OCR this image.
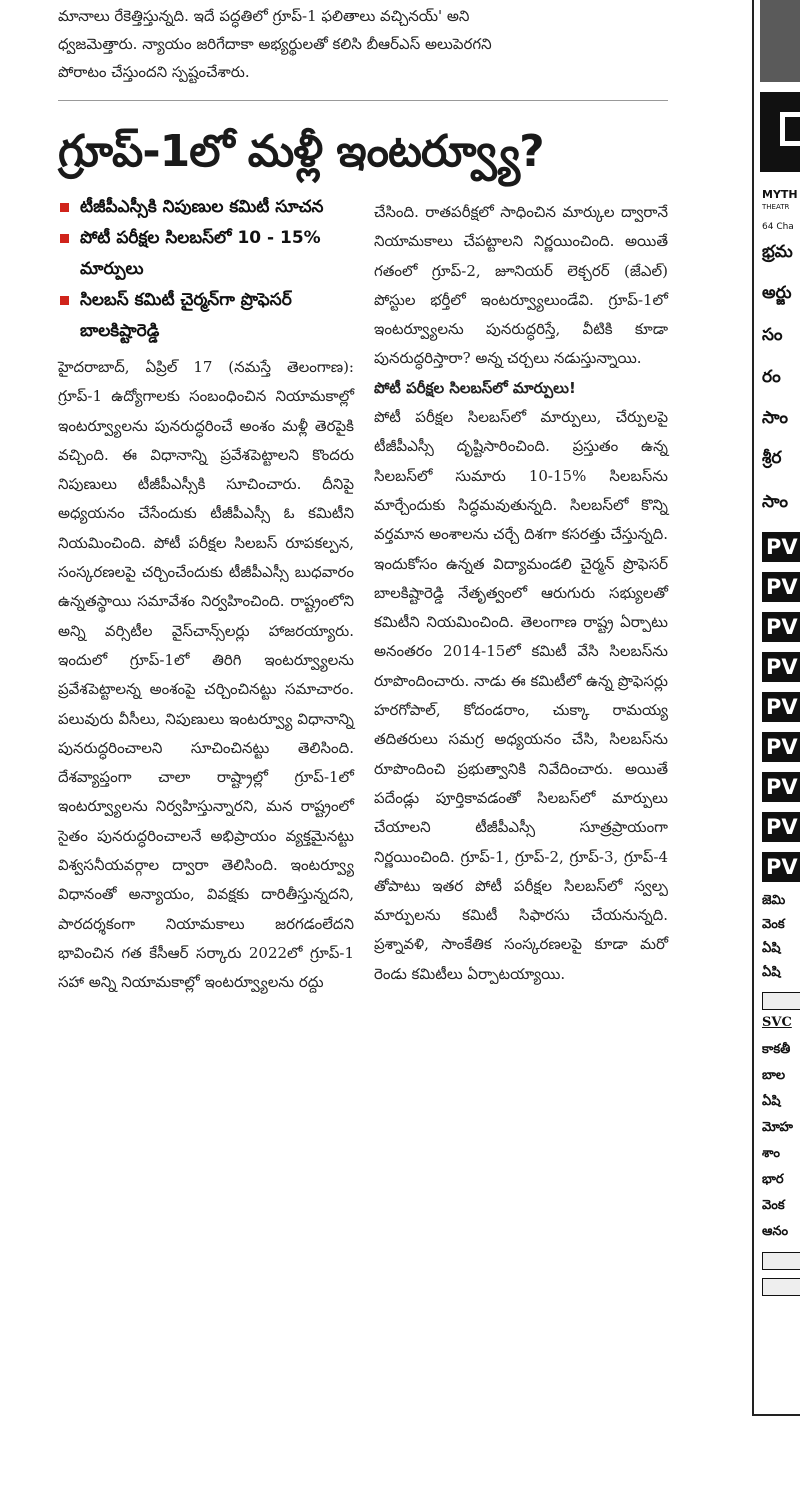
మానాలు రేకెత్తిస్తున్నది. ఇదే పద్ధతిలో గ్రూప్-1 ఫలితాలు వచ్చినయ్' అని
ధ్వజమెత్తారు. న్యాయం జరిగేదాకా అభ్యర్థులతో కలిసి బీఆర్ఎస్ అలుపెరగని
పోరాటం చేస్తుందని స్పష్టంచేశారు.

గ్రూప్-1లో మళ్లీ ఇంటర్వ్యూ?
టీజీపీఎస్సీకి నిపుణుల కమిటీ సూచన
పోటీ పరీక్షల సిలబస్‌లో 10 - 15% మార్పులు
సిలబస్ కమిటీ చైర్మన్‌గా ప్రొఫెసర్ బాలకిష్టారెడ్డి

హైదరాబాద్, ఏప్రిల్ 17 (నమస్తే తెలంగాణ): గ్రూప్-1 ఉద్యోగాలకు సంబంధించిన నియామకాల్లో ఇంటర్వ్యూలను పునరుద్ధరించే అంశం మళ్లీ తెరపైకి వచ్చింది. ఈ విధానాన్ని ప్రవేశపెట్టాలని కొందరు నిపుణులు టీజీపీఎస్సీకి సూచించారు. దీనిపై అధ్యయనం చేసేందుకు టీజీపీఎస్సీ ఓ కమిటీని నియమించింది. పోటీ పరీక్షల సిలబస్ రూపకల్పన, సంస్కరణలపై చర్చించేందుకు టీజీపీఎస్సీ బుధవారం ఉన్నతస్థాయి సమావేశం నిర్వహించింది. రాష్ట్రంలోని అన్ని వర్సిటీల వైస్‌చాన్స్‌లర్లు హాజరయ్యారు. ఇందులో గ్రూప్-1లో తిరిగి ఇంటర్వ్యూలను ప్రవేశపెట్టాలన్న అంశంపై చర్చించినట్టు సమాచారం. పలువురు వీసీలు, నిపుణులు ఇంటర్వ్యూ విధానాన్ని పునరుద్ధరించాలని సూచించినట్టు తెలిసింది. దేశవ్యాప్తంగా చాలా రాష్ట్రాల్లో గ్రూప్-1లో ఇంటర్వ్యూలను నిర్వహిస్తున్నారని, మన రాష్ట్రంలో సైతం పునరుద్ధరించాలనే అభిప్రాయం వ్యక్తమైనట్టు విశ్వసనీయవర్గాల ద్వారా తెలిసింది. ఇంటర్వ్యూ విధానంతో అన్యాయం, వివక్షకు దారితీస్తున్నదని, పారదర్శకంగా నియామకాలు జరగడంలేదని భావించిన గత కేసీఆర్ సర్కారు 2022లో గ్రూప్-1 సహా అన్ని నియామకాల్లో ఇంటర్వ్యూలను రద్దు

చేసింది. రాతపరీక్షలో సాధించిన మార్కుల ద్వారానే నియామకాలు చేపట్టాలని నిర్ణయించింది. అయితే గతంలో గ్రూప్-2, జూనియర్ లెక్చరర్ (జేఎల్) పోస్టుల భర్తీలో ఇంటర్వ్యూలుండేవి. గ్రూప్-1లో ఇంటర్వ్యూలను పునరుద్ధరిస్తే, వీటికి కూడా పునరుద్ధరిస్తారా? అన్న చర్చలు నడుస్తున్నాయి.

పోటీ పరీక్షల సిలబస్‌లో మార్పులు!

పోటీ పరీక్షల సిలబస్‌లో మార్పులు, చేర్పులపై టీజీపీఎస్సీ దృష్టిసారించింది. ప్రస్తుతం ఉన్న సిలబస్‌లో సుమారు 10-15% సిలబస్‌ను మార్చేందుకు సిద్ధమవుతున్నది. సిలబస్‌లో కొన్ని వర్తమాన అంశాలను చర్చే దిశగా కసరత్తు చేస్తున్నది. ఇందుకోసం ఉన్నత విద్యామండలి చైర్మన్ ప్రొఫెసర్ బాలకిష్టారెడ్డి నేతృత్వంలో ఆరుగురు సభ్యులతో కమిటీని నియమించింది. తెలంగాణ రాష్ట్ర ఏర్పాటు అనంతరం 2014-15లో కమిటీ వేసి సిలబస్‌ను రూపొందించారు. నాడు ఈ కమిటీలో ఉన్న ప్రొఫెసర్లు హరగోపాల్, కోదండరాం, చుక్కా రామయ్య తదితరులు సమగ్ర అధ్యయనం చేసి, సిలబస్‌ను రూపొందించి ప్రభుత్వానికి నివేదించారు. అయితే పదేండ్లు పూర్తికావడంతో సిలబస్‌లో మార్పులు చేయాలని టీజీపీఎస్సీ సూత్రప్రాయంగా నిర్ణయించింది. గ్రూప్-1, గ్రూప్-2, గ్రూప్-3, గ్రూప్-4 తోపాటు ఇతర పోటీ పరీక్షల సిలబస్‌లో స్వల్ప మార్పులను కమిటీ సిఫారసు చేయనున్నది. ప్రశ్నావళి, సాంకేతిక సంస్కరణలపై కూడా మరో రెండు కమిటీలు ఏర్పాటయ్యాయి.

MYTH
THEATR
64 Cha
భ్రమ
అర్జు
సం
రం
సాం
శ్రీర
సాం
PV
PV
PV
PV
PV
PV
PV
PV
PV
జెమి
వెంక
ఏషి
ఏషి
SVC
కాకతీ
బాల
ఏషి
మోహ
శాం
భార
వెంక
ఆనం
